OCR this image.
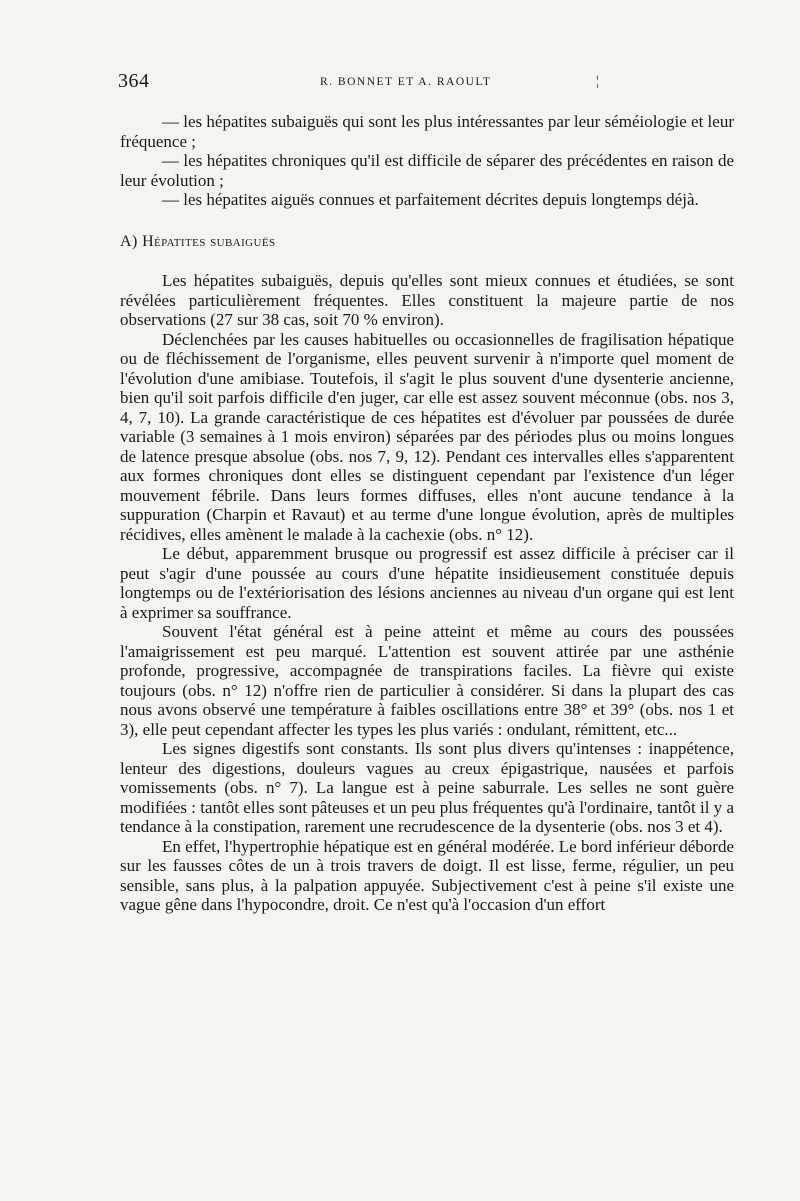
364	R. BONNET ET A. RAOULT	¦

— les hépatites subaiguës qui sont les plus intéressantes par leur séméiologie et leur fréquence ;

— les hépatites chroniques qu'il est difficile de séparer des précédentes en raison de leur évolution ;

— les hépatites aiguës connues et parfaitement décrites depuis longtemps déjà.

A) Hépatites subaiguës

Les hépatites subaiguës, depuis qu'elles sont mieux connues et étudiées, se sont révélées particulièrement fréquentes. Elles constituent la majeure partie de nos observations (27 sur 38 cas, soit 70 % environ).

Déclenchées par les causes habituelles ou occasionnelles de fragilisation hépatique ou de fléchissement de l'organisme, elles peuvent survenir à n'importe quel moment de l'évolution d'une amibiase. Toutefois, il s'agit le plus souvent d'une dysenterie ancienne, bien qu'il soit parfois difficile d'en juger, car elle est assez souvent méconnue (obs. nos 3, 4, 7, 10). La grande caractéristique de ces hépatites est d'évoluer par poussées de durée variable (3 semaines à 1 mois environ) séparées par des périodes plus ou moins longues de latence presque absolue (obs. nos 7, 9, 12). Pendant ces intervalles elles s'apparentent aux formes chroniques dont elles se distinguent cependant par l'existence d'un léger mouvement fébrile. Dans leurs formes diffuses, elles n'ont aucune tendance à la suppuration (Charpin et Ravaut) et au terme d'une longue évolution, après de multiples récidives, elles amènent le malade à la cachexie (obs. n° 12).

Le début, apparemment brusque ou progressif est assez difficile à préciser car il peut s'agir d'une poussée au cours d'une hépatite insidieusement constituée depuis longtemps ou de l'extériorisation des lésions anciennes au niveau d'un organe qui est lent à exprimer sa souffrance.

Souvent l'état général est à peine atteint et même au cours des poussées l'amaigrissement est peu marqué. L'attention est souvent attirée par une asthénie profonde, progressive, accompagnée de transpirations faciles. La fièvre qui existe toujours (obs. n° 12) n'offre rien de particulier à considérer. Si dans la plupart des cas nous avons observé une température à faibles oscillations entre 38° et 39° (obs. nos 1 et 3), elle peut cependant affecter les types les plus variés : ondulant, rémittent, etc...

Les signes digestifs sont constants. Ils sont plus divers qu'intenses : inappétence, lenteur des digestions, douleurs vagues au creux épigastrique, nausées et parfois vomissements (obs. n° 7). La langue est à peine saburrale. Les selles ne sont guère modifiées : tantôt elles sont pâteuses et un peu plus fréquentes qu'à l'ordinaire, tantôt il y a tendance à la constipation, rarement une recrudescence de la dysenterie (obs. nos 3 et 4).

En effet, l'hypertrophie hépatique est en général modérée. Le bord inférieur déborde sur les fausses côtes de un à trois travers de doigt. Il est lisse, ferme, régulier, un peu sensible, sans plus, à la palpation appuyée. Subjectivement c'est à peine s'il existe une vague gêne dans l'hypocondre, droit. Ce n'est qu'à l'occasion d'un effort
